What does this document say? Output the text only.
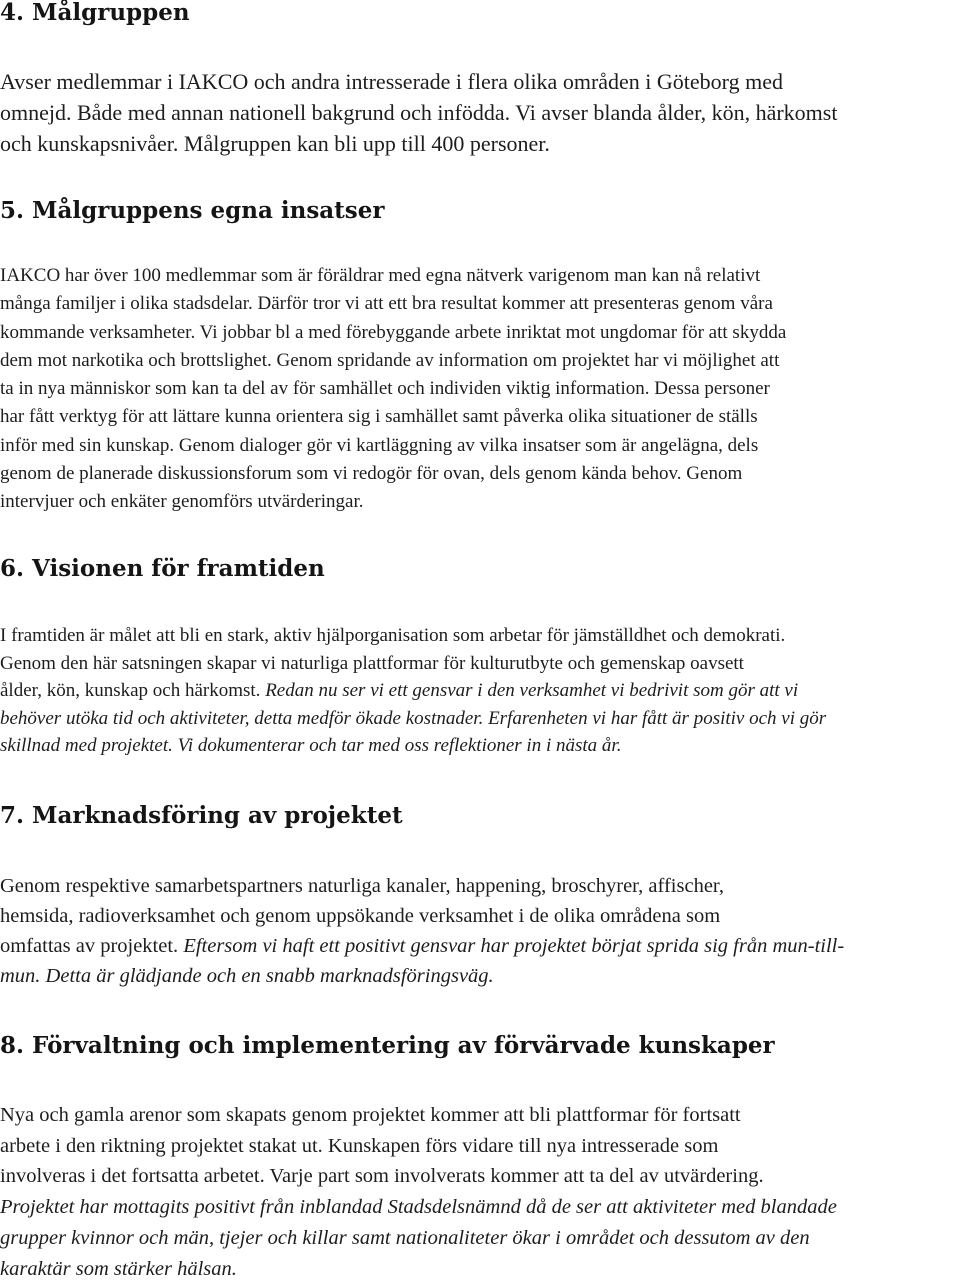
4. Målgruppen
Avser medlemmar i IAKCO och andra intresserade i flera olika områden i Göteborg med
omnejd. Både med annan nationell bakgrund och infödda. Vi avser blanda ålder, kön, härkomst
och kunskapsnivåer. Målgruppen kan bli upp till 400 personer.
5. Målgruppens egna insatser
IAKCO har över 100 medlemmar som är föräldrar med egna nätverk varigenom man kan nå relativt
många familjer i olika stadsdelar. Därför tror vi att ett bra resultat kommer att presenteras genom våra
kommande verksamheter. Vi jobbar bl a med förebyggande arbete inriktat mot ungdomar för att skydda
dem mot narkotika och brottslighet. Genom spridande av information om projektet har vi möjlighet att
ta in nya människor som kan ta del av för samhället och individen viktig information. Dessa personer
har fått verktyg för att lättare kunna orientera sig i samhället samt påverka olika situationer de ställs
inför med sin kunskap. Genom dialoger gör vi kartläggning av vilka insatser som är angelägna, dels
genom de planerade diskussionsforum som vi redogör för ovan, dels genom kända behov. Genom
intervjuer och enkäter genomförs utvärderingar.
6. Visionen för framtiden
I framtiden är målet att bli en stark, aktiv hjälporganisation som arbetar för jämställdhet och demokrati.
Genom den här satsningen skapar vi naturliga plattformar för kulturutbyte och gemenskap oavsett
ålder, kön, kunskap och härkomst. Redan nu ser vi ett gensvar i den verksamhet vi bedrivit som gör att vi
behöver utöka tid och aktiviteter, detta medför ökade kostnader. Erfarenheten vi har fått är positiv och vi gör
skillnad med projektet. Vi dokumenterar och tar med oss reflektioner in i nästa år.
7. Marknadsföring av projektet
Genom respektive samarbetspartners naturliga kanaler, happening, broschyrer, affischer,
hemsida, radioverksamhet och genom uppsökande verksamhet i de olika områdena som
omfattas av projektet. Eftersom vi haft ett positivt gensvar har projektet börjat sprida sig från mun-till-
mun. Detta är glädjande och en snabb marknadsföringsväg.
8. Förvaltning och implementering av förvärvade kunskaper
Nya och gamla arenor som skapats genom projektet kommer att bli plattformar för fortsatt
arbete i den riktning projektet stakat ut. Kunskapen förs vidare till nya intresserade som
involveras i det fortsatta arbetet. Varje part som involverats kommer att ta del av utvärdering.
Projektet har mottagits positivt från inblandad Stadsdelsnämnd då de ser att aktiviteter med blandade
grupper kvinnor och män, tjejer och killar samt nationaliteter ökar i området och dessutom av den
karaktär som stärker hälsan.
